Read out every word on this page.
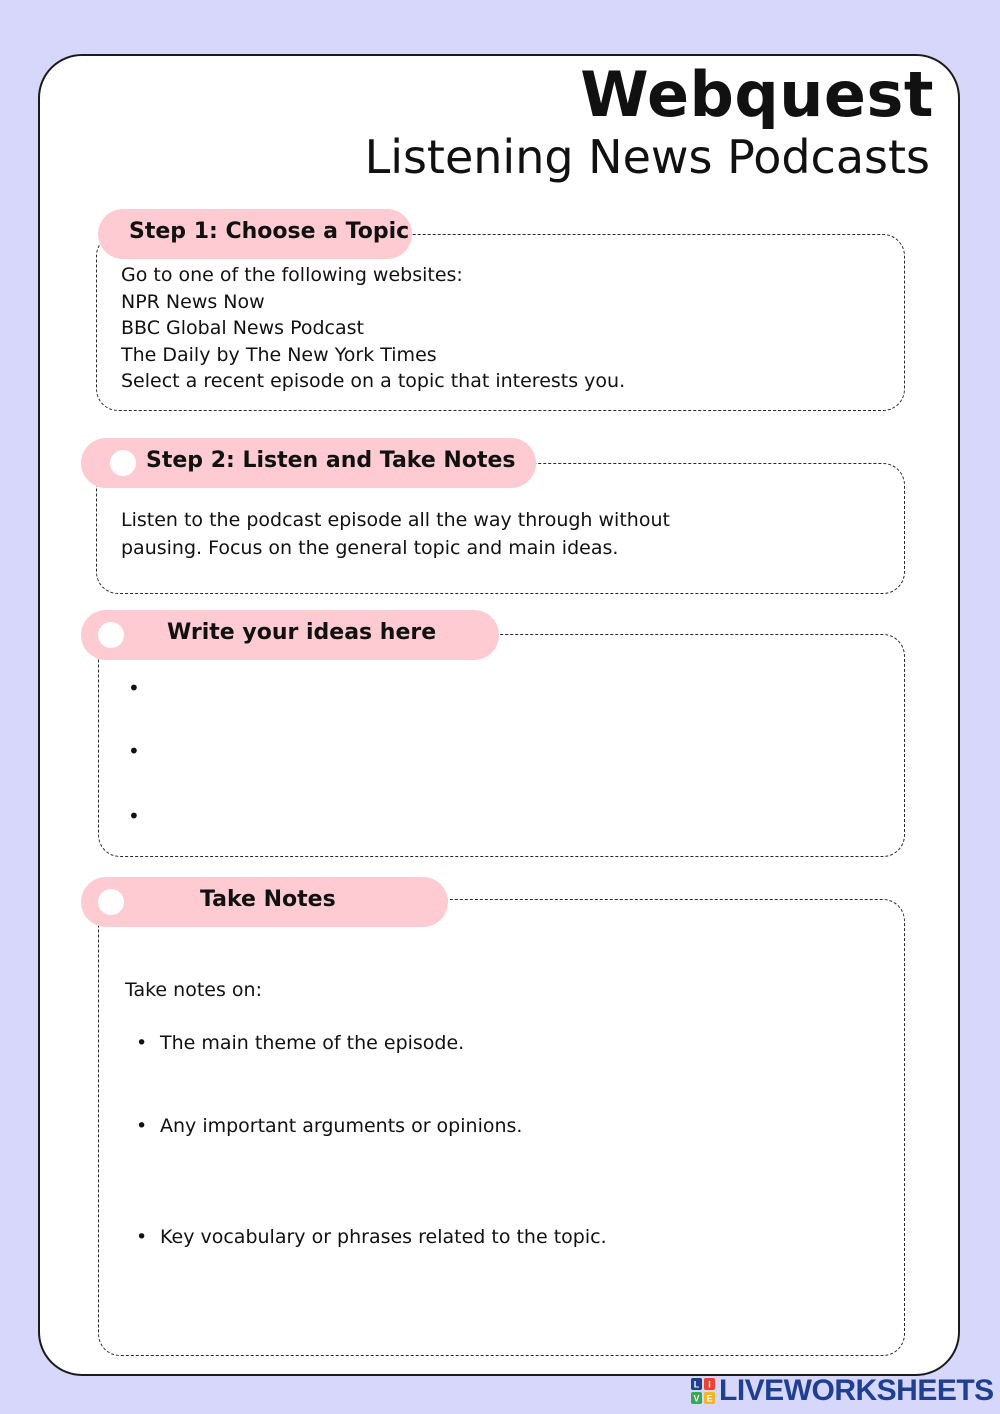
Webquest
Listening News Podcasts
Step 1: Choose a Topic
Go to one of the following websites:
NPR News Now
BBC Global News Podcast
The Daily by The New York Times
Select a recent episode on a topic that interests you.
Step 2: Listen and Take Notes
Listen to the podcast episode all the way through without
pausing. Focus on the general topic and main ideas.
Write your ideas here
•
•
•
Take Notes
Take notes on:
• The main theme of the episode.
• Any important arguments or opinions.
• Key vocabulary or phrases related to the topic.
L I
V E LIVEWORKSHEETS
